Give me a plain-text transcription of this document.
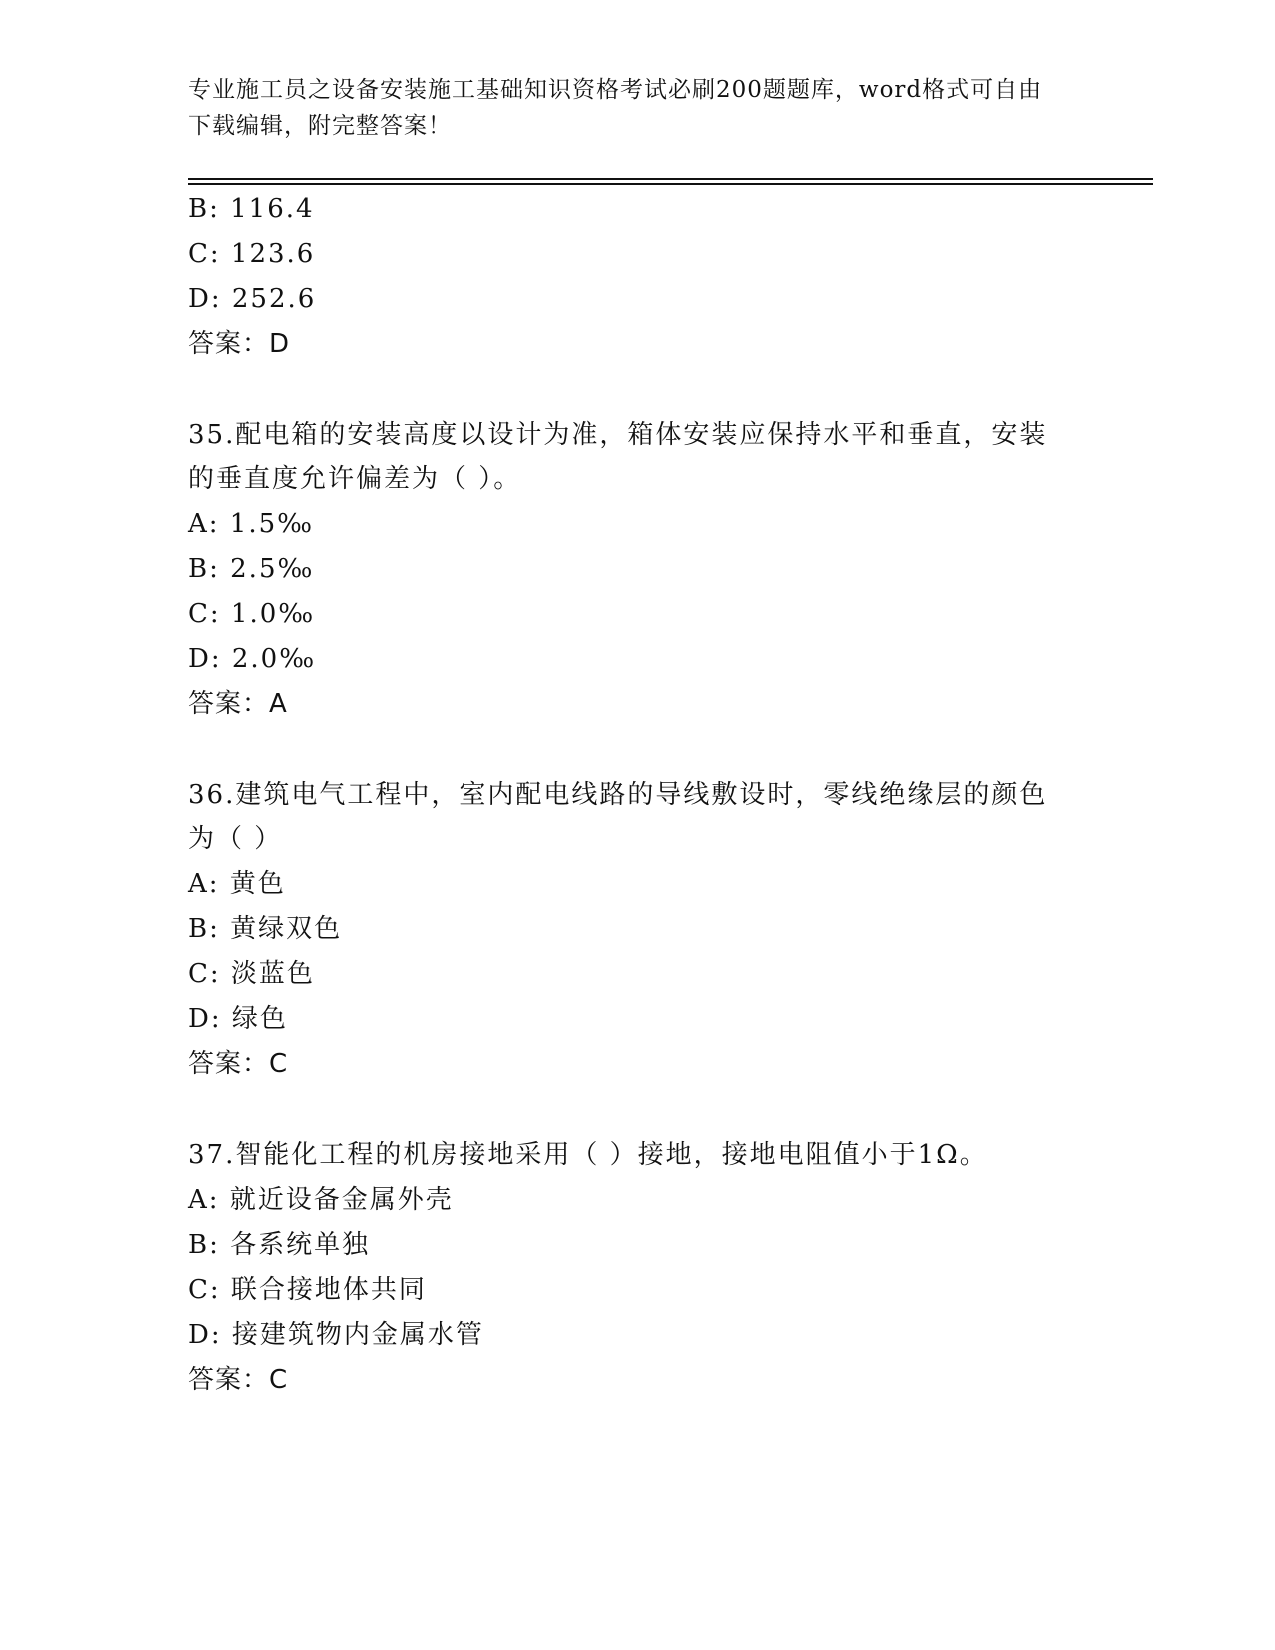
专业施工员之设备安装施工基础知识资格考试必刷200题题库，word格式可自由
下载编辑，附完整答案！
B: 116.4
C: 123.6
D: 252.6
答案：D
35.配电箱的安装高度以设计为准，箱体安装应保持水平和垂直，安装
的垂直度允许偏差为（ ）。
A: 1.5‰
B: 2.5‰
C: 1.0‰
D: 2.0‰
答案：A
36.建筑电气工程中，室内配电线路的导线敷设时，零线绝缘层的颜色
为（ ）
A: 黄色
B: 黄绿双色
C: 淡蓝色
D: 绿色
答案：C
37.智能化工程的机房接地采用（ ）接地，接地电阻值小于1Ω。
A: 就近设备金属外壳
B: 各系统单独
C: 联合接地体共同
D: 接建筑物内金属水管
答案：C
